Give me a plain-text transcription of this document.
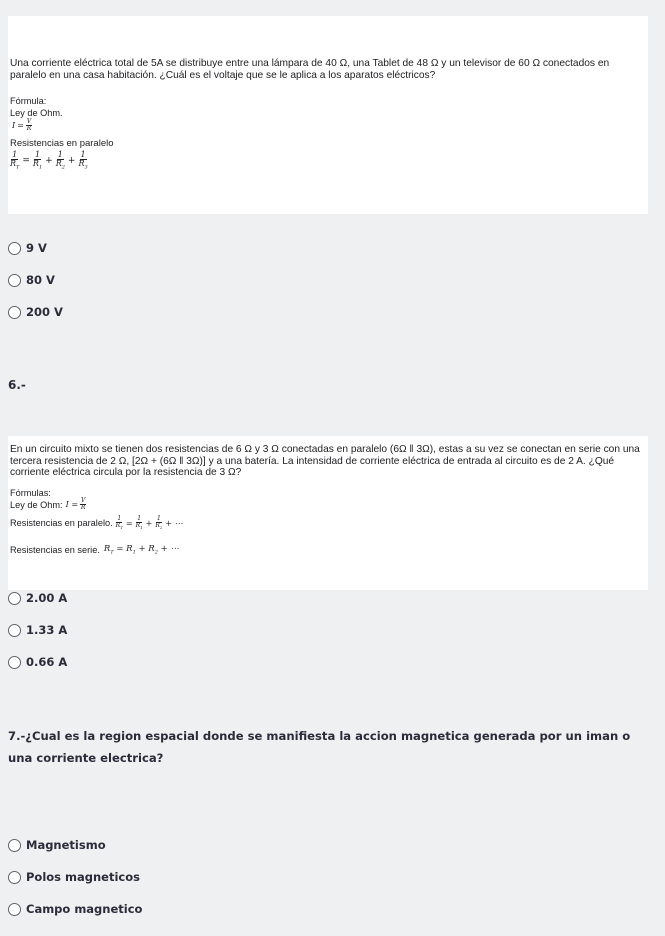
Una corriente eléctrica total de 5A se distribuye entre una lámpara de 40 Ω, una Tablet de 48 Ω y un televisor de 60 Ω conectados en paralelo en una casa habitación. ¿Cuál es el voltaje que se le aplica a los aparatos eléctricos?
Fórmula:
Ley de Ohm.
$I = \frac{V}{R}$
Resistencias en paralelo
$\frac{1}{R_T} = \frac{1}{R_1} + \frac{1}{R_2} + \frac{1}{R_3}$
9 V
80 V
200 V
6.-
En un circuito mixto se tienen dos resistencias de 6 Ω y 3 Ω conectadas en paralelo (6Ω ‖ 3Ω), estas a su vez se conectan en serie con una tercera resistencia de 2 Ω, [2Ω + (6Ω ‖ 3Ω)] y a una batería. La intensidad de corriente eléctrica de entrada al circuito es de 2 A. ¿Qué corriente eléctrica circula por la resistencia de 3 Ω?
Fórmulas:
Ley de Ohm: $I = \frac{V}{R}$
Resistencias en paralelo. $\frac{1}{R_T} = \frac{1}{R_1} + \frac{1}{R_2}$ + ⋯
Resistencias en serie. $R_T = R_1 + R_2$ + ⋯
2.00 A
1.33 A
0.66 A
7.-¿Cual es la region espacial donde se manifiesta la accion magnetica generada por un iman o una corriente electrica?
Magnetismo
Polos magneticos
Campo magnetico
